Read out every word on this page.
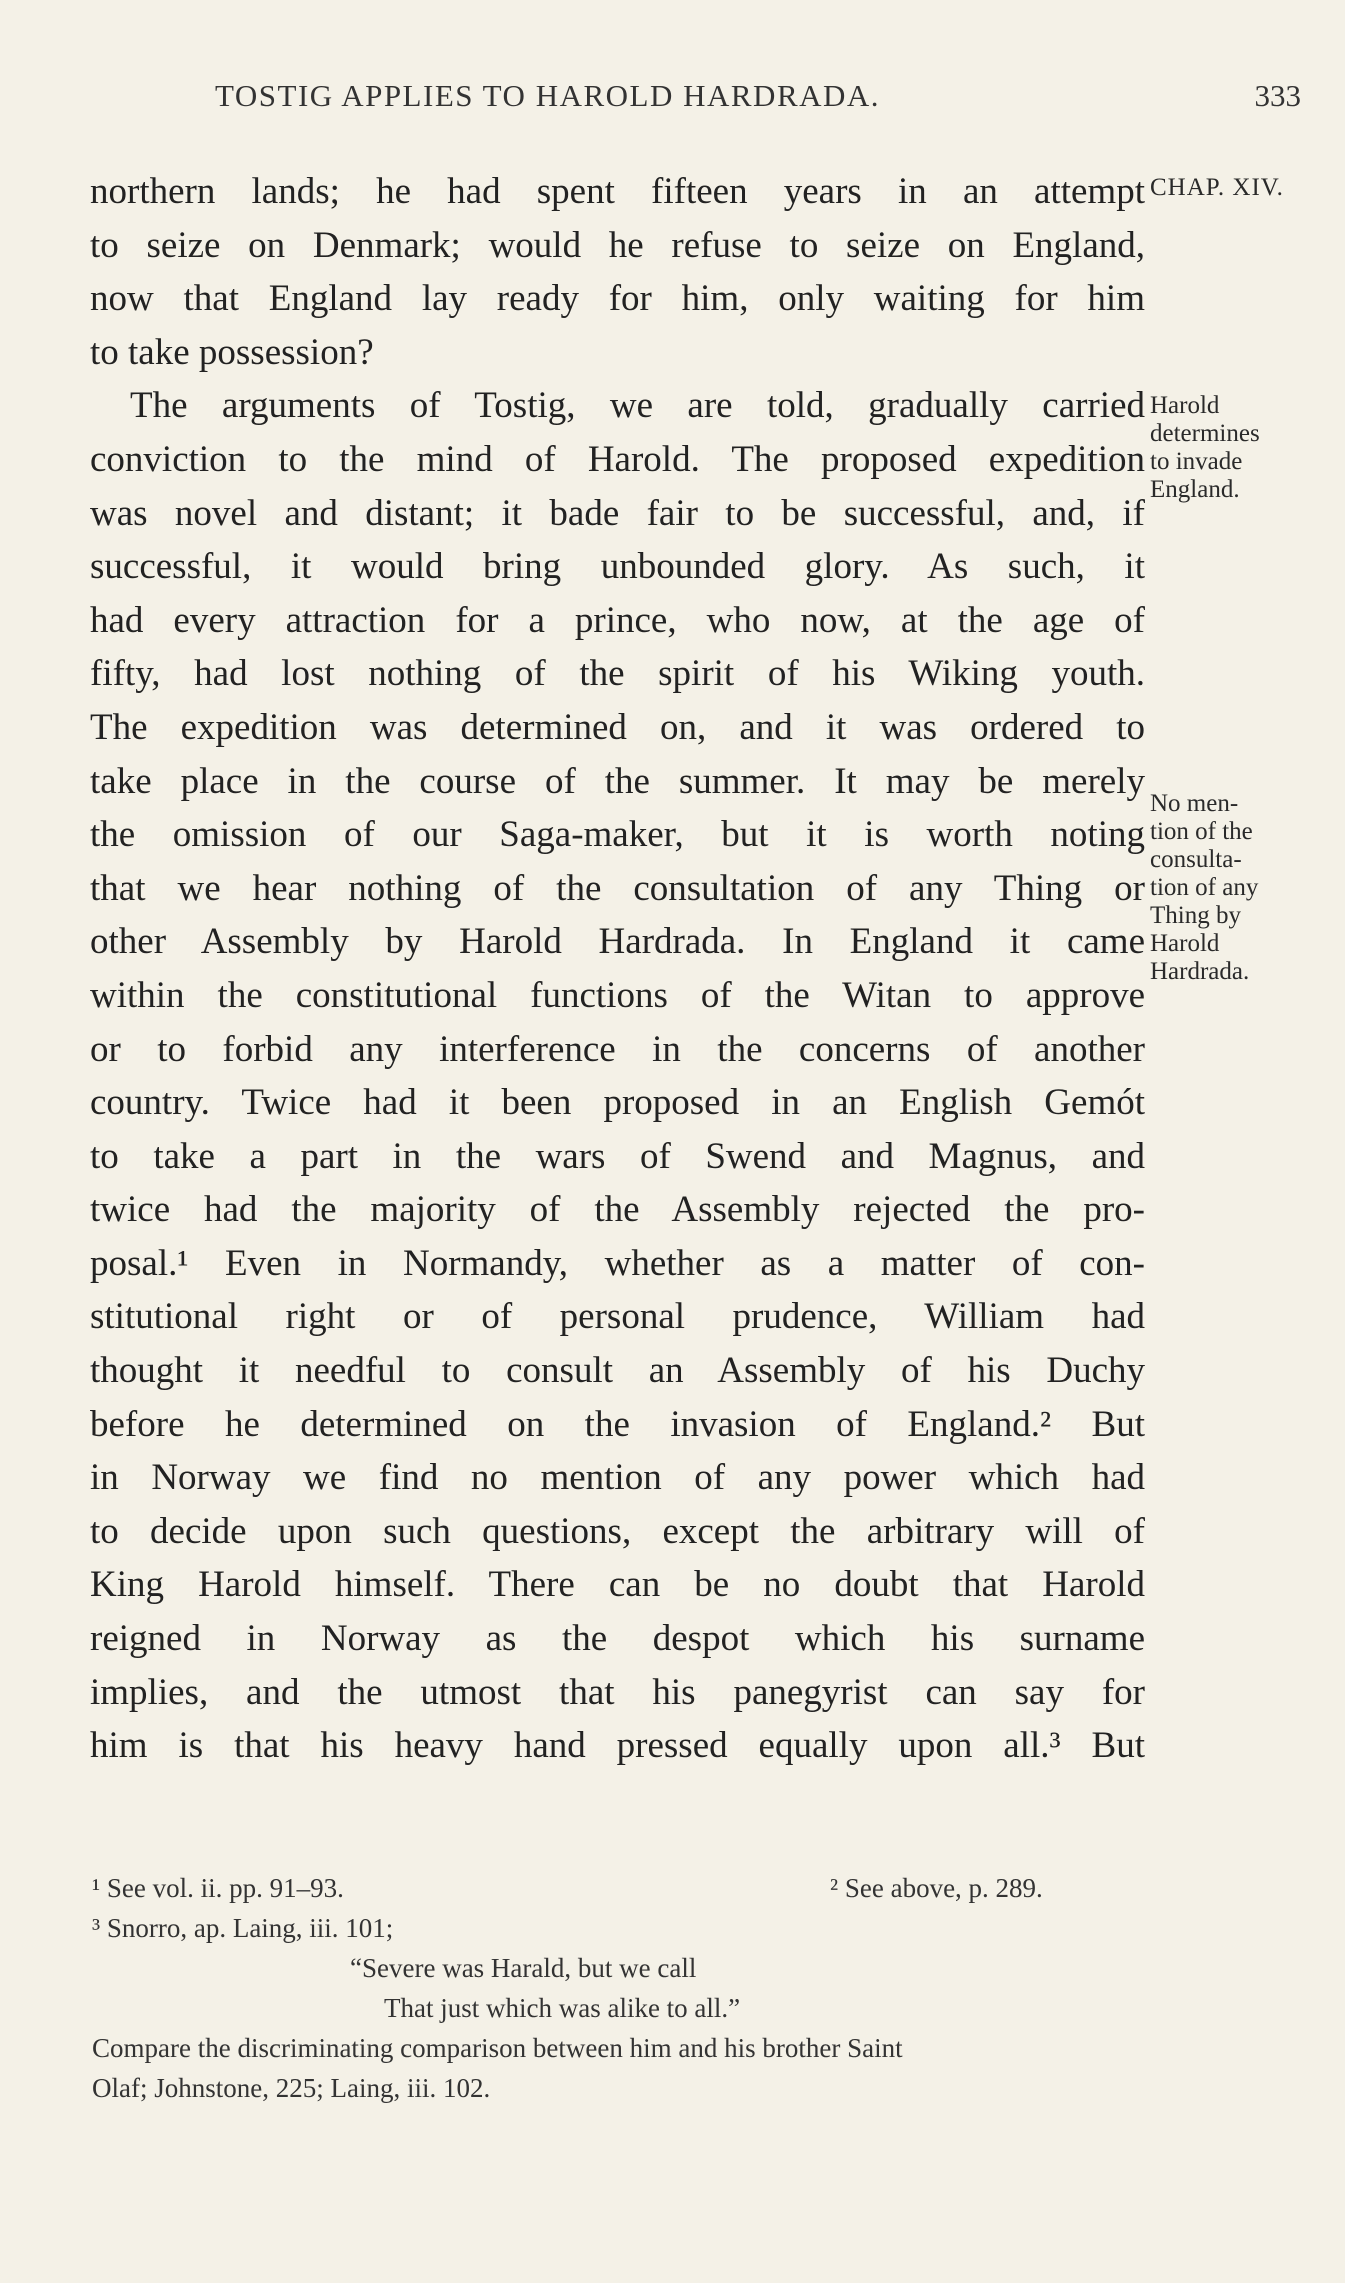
TOSTIG APPLIES TO HAROLD HARDRADA.	333
northern lands; he had spent fifteen years in an attempt
to seize on Denmark; would he refuse to seize on England,
now that England lay ready for him, only waiting for him
to take possession?
The arguments of Tostig, we are told, gradually carried
conviction to the mind of Harold. The proposed expedition
was novel and distant; it bade fair to be successful, and, if
successful, it would bring unbounded glory. As such, it
had every attraction for a prince, who now, at the age of
fifty, had lost nothing of the spirit of his Wiking youth.
The expedition was determined on, and it was ordered to
take place in the course of the summer. It may be merely
the omission of our Saga-maker, but it is worth noting
that we hear nothing of the consultation of any Thing or
other Assembly by Harold Hardrada. In England it came
within the constitutional functions of the Witan to approve
or to forbid any interference in the concerns of another
country. Twice had it been proposed in an English Gemót
to take a part in the wars of Swend and Magnus, and
twice had the majority of the Assembly rejected the pro-
posal.¹ Even in Normandy, whether as a matter of con-
stitutional right or of personal prudence, William had
thought it needful to consult an Assembly of his Duchy
before he determined on the invasion of England.² But
in Norway we find no mention of any power which had
to decide upon such questions, except the arbitrary will of
King Harold himself. There can be no doubt that Harold
reigned in Norway as the despot which his surname
implies, and the utmost that his panegyrist can say for
him is that his heavy hand pressed equally upon all.³ But
CHAP. XIV.
Harold
determines
to invade
England.
No men-
tion of the
consulta-
tion of any
Thing by
Harold
Hardrada.
¹ See vol. ii. pp. 91–93.	² See above, p. 289.
³ Snorro, ap. Laing, iii. 101;
“Severe was Harald, but we call
That just which was alike to all.”
Compare the discriminating comparison between him and his brother Saint
Olaf; Johnstone, 225; Laing, iii. 102.
